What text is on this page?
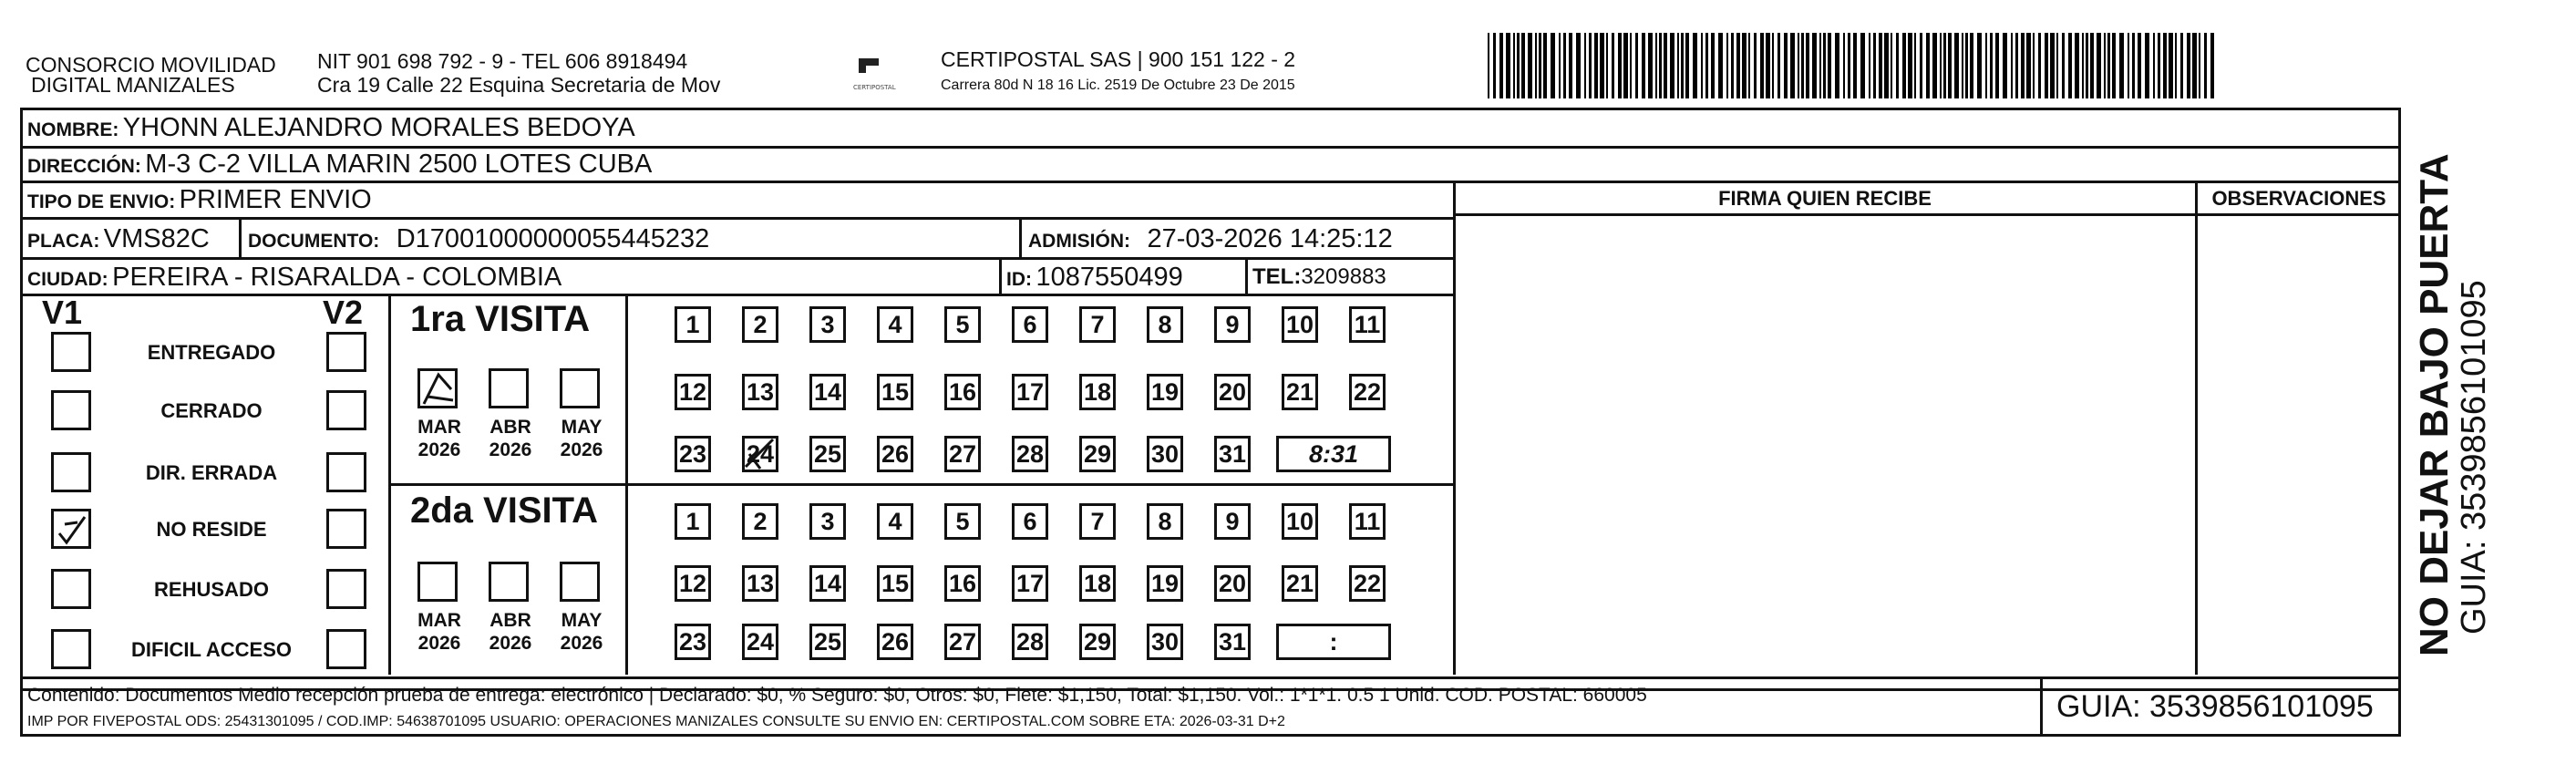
CONSORCIO MOVILIDAD
DIGITAL MANIZALES
NIT 901 698 792 - 9 - TEL 606 8918494
Cra 19 Calle 22 Esquina Secretaria de Mov	CERTIPOSTAL
CERTIPOSTAL SAS | 900 151 122 - 2
Carrera 80d N 18 16 Lic. 2519 De Octubre 23 De 2015
NOMBRE: YHONN ALEJANDRO MORALES BEDOYA
DIRECCIÓN: M-3 C-2 VILLA MARIN 2500 LOTES CUBA
TIPO DE ENVIO: PRIMER ENVIO
PLACA: VMS82C DOCUMENTO: D17001000000055445232	ADMISIÓN: 27-03-2026 14:25:12
CIUDAD: PEREIRA - RISARALDA - COLOMBIA	ID: 1087550499	TEL:3209883
FIRMA QUIEN RECIBE	OBSERVACIONES
V1	V2
ENTREGADO
CERRADO
DIR. ERRADA
NO RESIDE
REHUSADO
DIFICIL ACCESO
1ra VISITA
2da VISITA
MAR
2026
ABR
2026
MAY
2026
MAR
2026
ABR
2026
MAY
2026
1	2	3	4	5	6	7	8	9	10 11
12 13 14 15 16 17 18 19 20 21 22
23 24 25 26 27 28 29 30 31	8:31
1	2	3	4	5	6	7	8	9	10 11
12 13 14 15 16 17 18 19 20 21 22
23 24 25 26 27 28 29 30 31	:
Contenido: Documentos Medio recepción prueba de entrega: electrónico | Declarado: $0, % Seguro: $0, Otros: $0, Flete: $1,150, Total: $1,150. Vol.: 1*1*1. 0.5 1 Unid. COD. POSTAL: 660005
IMP POR FIVEPOSTAL ODS: 25431301095 / COD.IMP: 54638701095 USUARIO: OPERACIONES MANIZALES CONSULTE SU ENVIO EN: CERTIPOSTAL.COM SOBRE ETA: 2026-03-31 D+2	GUIA: 3539856101095
NO DEJAR BAJO PUERTA
GUIA: 3539856101095
